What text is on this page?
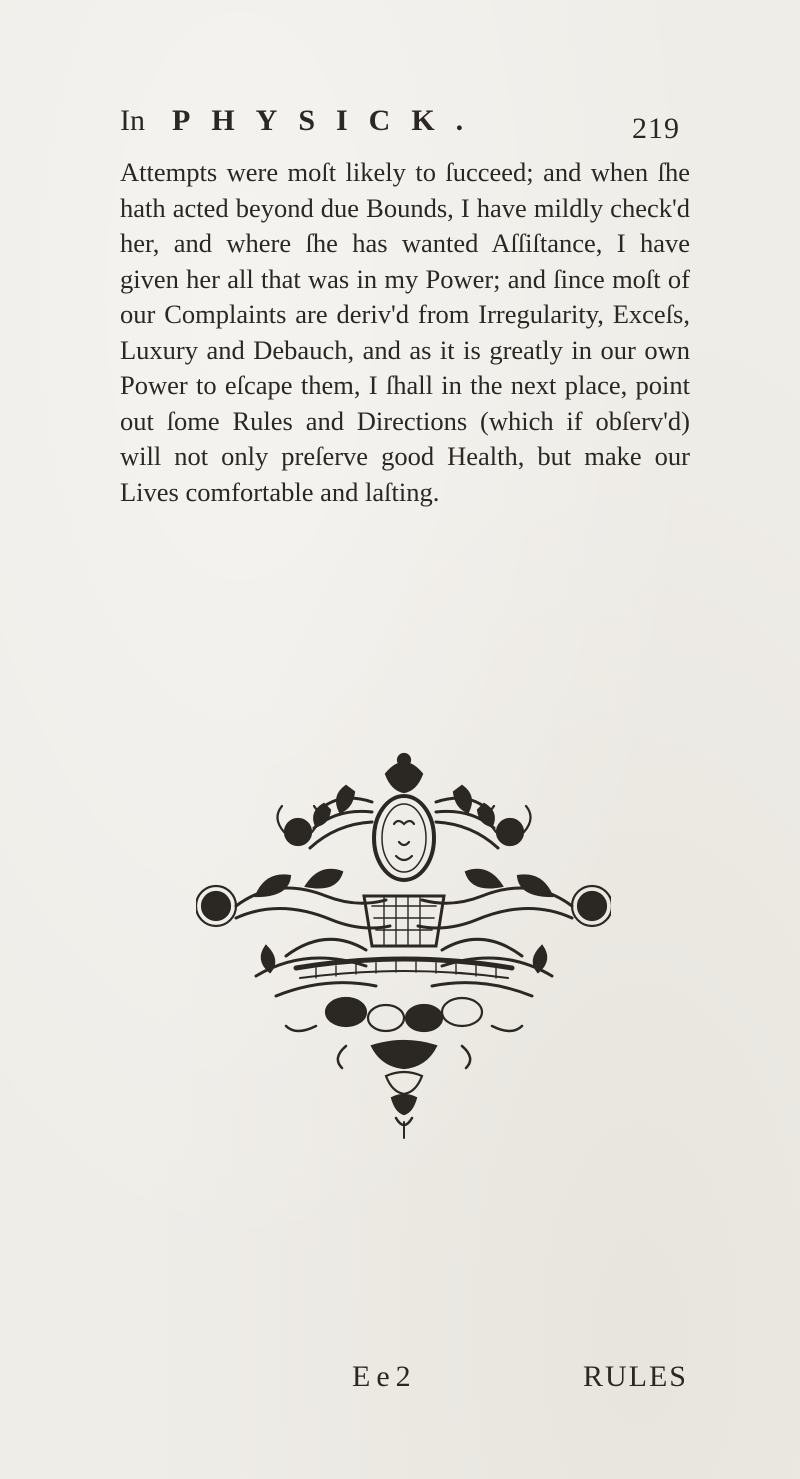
In PHYSICK.	219

Attempts were moſt likely to ſucceed; and when ſhe hath acted beyond due Bounds, I have mildly check'd her, and where ſhe has wanted Aſſiſtance, I have given her all that was in my Power; and ſince moſt of our Complaints are deriv'd from Irregularity, Exceſs, Luxury and Debauch, and as it is greatly in our own Power to eſcape them, I ſhall in the next place, point out ſome Rules and Directions (which if obſerv'd) will not only preſerve good Health, but make our Lives comfortable and laſting.

Ee2	RULES
